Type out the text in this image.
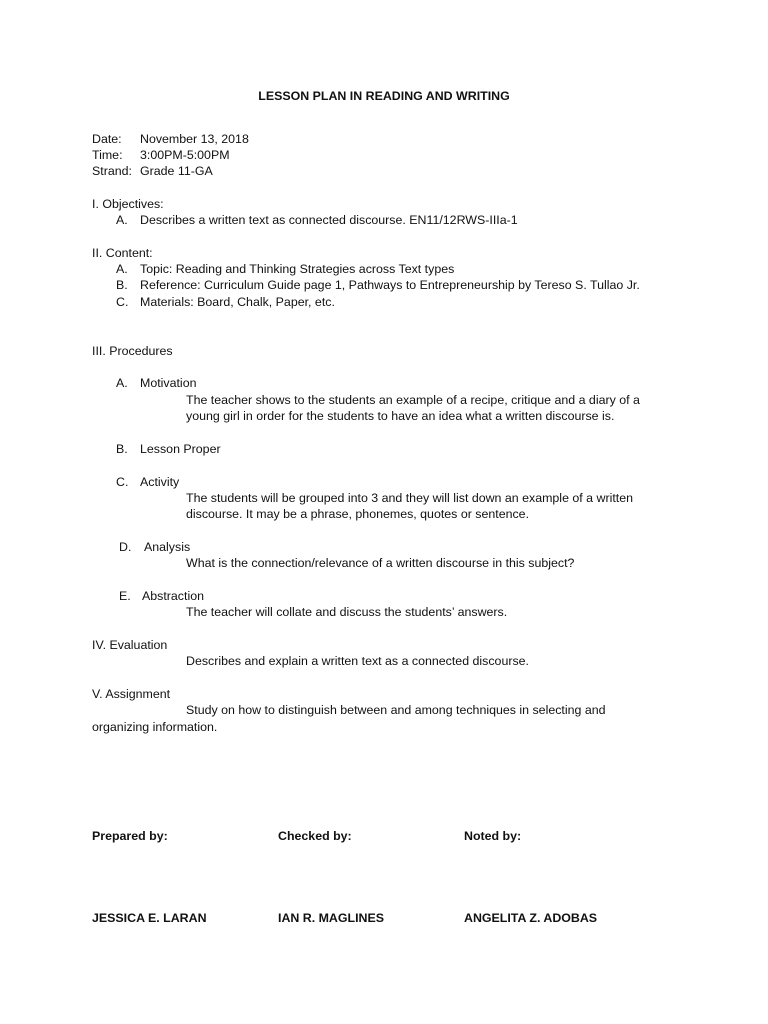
LESSON PLAN IN READING AND WRITING
Date: November 13, 2018
Time: 3:00PM-5:00PM
Strand: Grade 11-GA
I. Objectives:
A. Describes a written text as connected discourse. EN11/12RWS-IIIa-1
II. Content:
A. Topic: Reading and Thinking Strategies across Text types
B. Reference: Curriculum Guide page 1, Pathways to Entrepreneurship by Tereso S. Tullao Jr.
C. Materials: Board, Chalk, Paper, etc.
III. Procedures
A. Motivation
The teacher shows to the students an example of a recipe, critique and a diary of a
young girl in order for the students to have an idea what a written discourse is.
B. Lesson Proper
C. Activity
The students will be grouped into 3 and they will list down an example of a written
discourse. It may be a phrase, phonemes, quotes or sentence.
D. Analysis
What is the connection/relevance of a written discourse in this subject?
E. Abstraction
The teacher will collate and discuss the students’ answers.
IV. Evaluation
Describes and explain a written text as a connected discourse.
V. Assignment
Study on how to distinguish between and among techniques in selecting and
organizing information.
Prepared by:	Checked by:	Noted by:
JESSICA E. LARAN	IAN R. MAGLINES	ANGELITA Z. ADOBAS
